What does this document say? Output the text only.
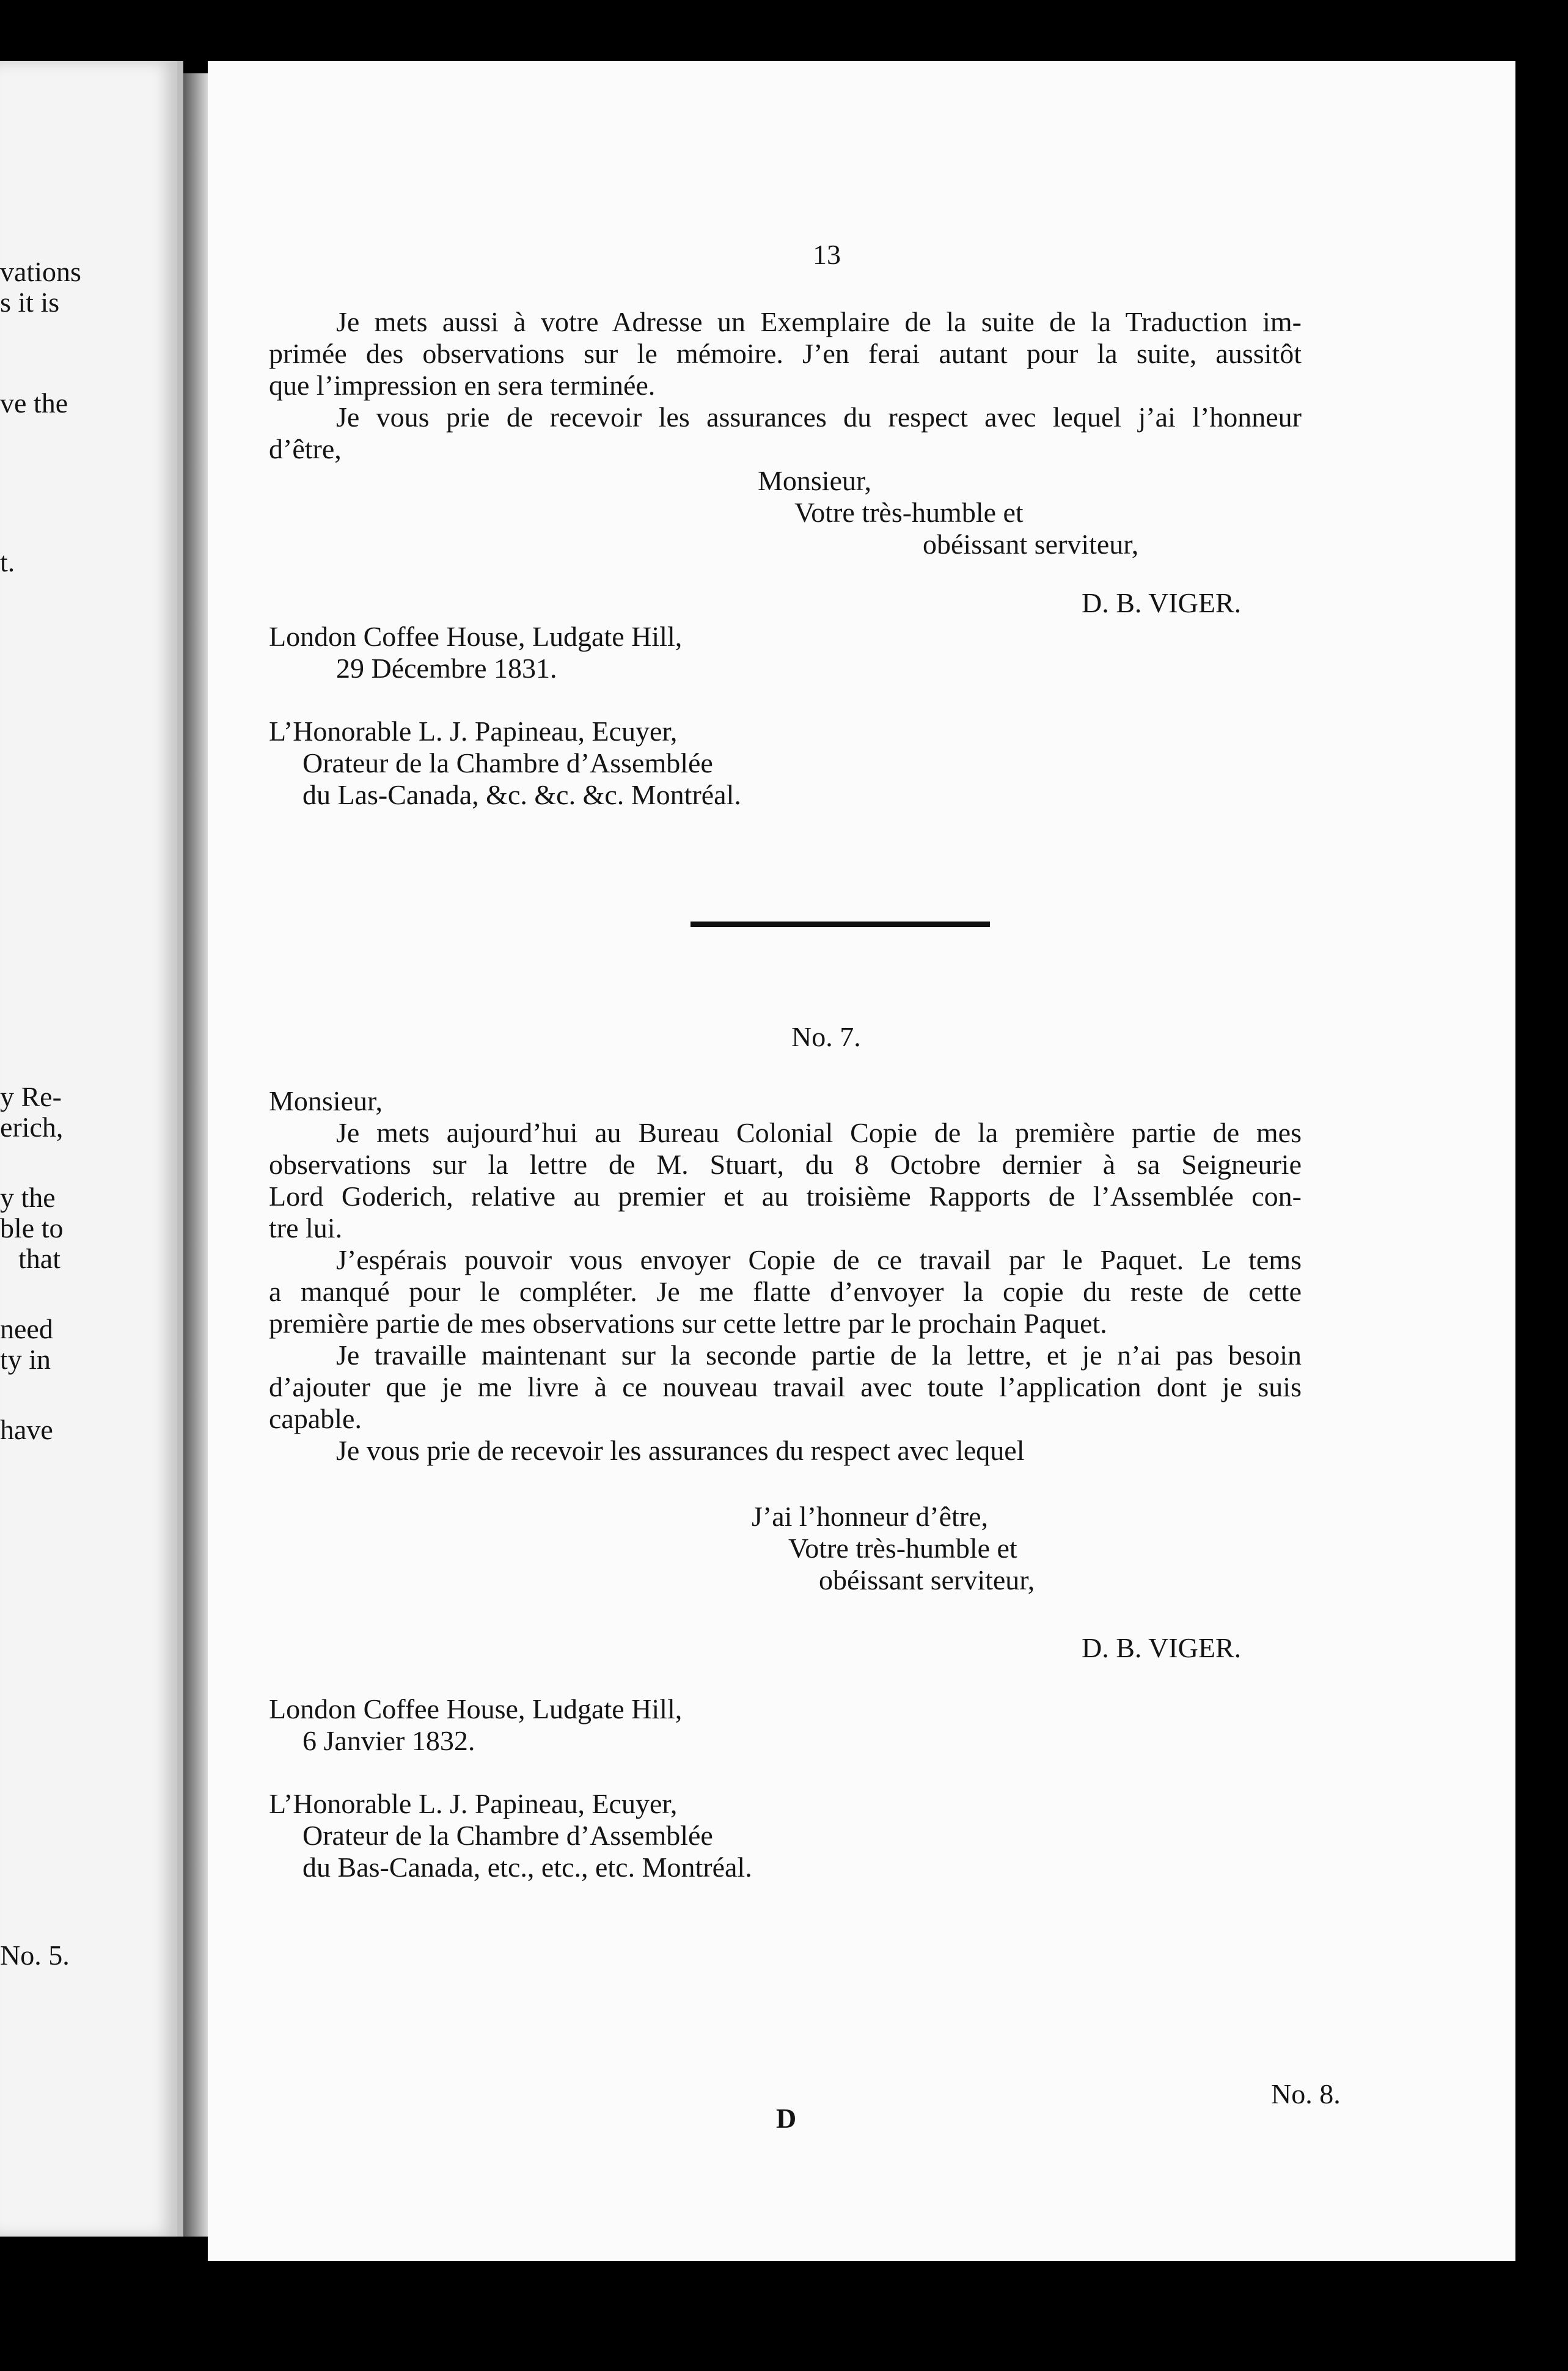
vations
s it is
ve the
t.
y Re-
erich,
y the
ble to
that
need
ty in
have
No. 5.
13
Je mets aussi à votre Adresse un Exemplaire de la suite de la Traduction im-
primée des observations sur le mémoire. J’en ferai autant pour la suite, aussitôt
que l’impression en sera terminée.
Je vous prie de recevoir les assurances du respect avec lequel j’ai l’honneur
d’être,
Monsieur,
Votre très-humble et
obéissant serviteur,
D. B. VIGER.
London Coffee House, Ludgate Hill,
29 Décembre 1831.
L’Honorable L. J. Papineau, Ecuyer,
Orateur de la Chambre d’Assemblée
du Las-Canada, &c. &c. &c. Montréal.
No. 7.
Monsieur,
Je mets aujourd’hui au Bureau Colonial Copie de la première partie de mes
observations sur la lettre de M. Stuart, du 8 Octobre dernier à sa Seigneurie
Lord Goderich, relative au premier et au troisième Rapports de l’Assemblée con-
tre lui.
J’espérais pouvoir vous envoyer Copie de ce travail par le Paquet. Le tems
a manqué pour le compléter. Je me flatte d’envoyer la copie du reste de cette
première partie de mes observations sur cette lettre par le prochain Paquet.
Je travaille maintenant sur la seconde partie de la lettre, et je n’ai pas besoin
d’ajouter que je me livre à ce nouveau travail avec toute l’application dont je suis
capable.
Je vous prie de recevoir les assurances du respect avec lequel
J’ai l’honneur d’être,
Votre très-humble et
obéissant serviteur,
D. B. VIGER.
London Coffee House, Ludgate Hill,
6 Janvier 1832.
L’Honorable L. J. Papineau, Ecuyer,
Orateur de la Chambre d’Assemblée
du Bas-Canada, etc., etc., etc. Montréal.
D
No. 8.
